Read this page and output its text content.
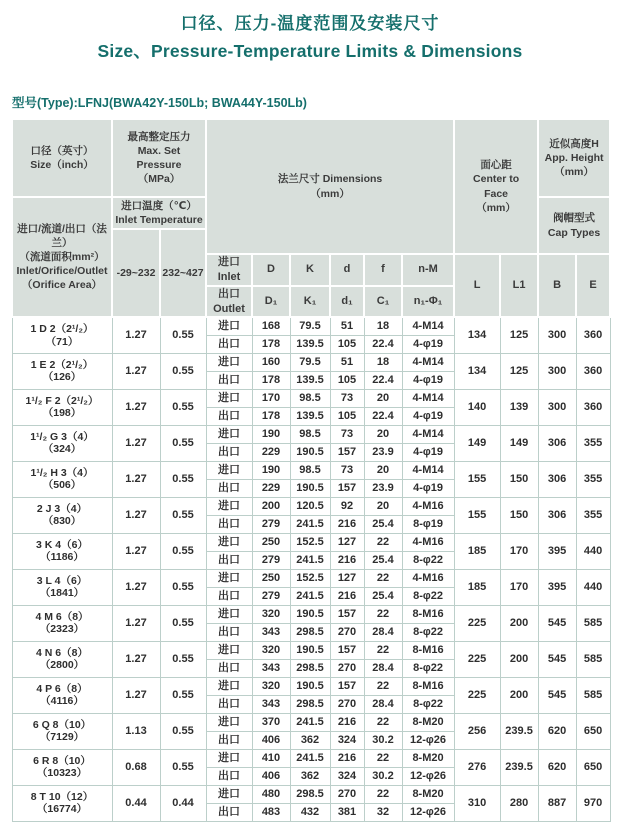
口径、压力-温度范围及安装尺寸
Size、Pressure-Temperature Limits & Dimensions
型号(Type):LFNJ(BWA42Y-150Lb; BWA44Y-150Lb)
口径（英寸）
Size（inch）

最高整定压力
Max. Set
Pressure
（MPa）	法兰尺寸 Dimensions
（mm）

面心距
Center to
Face
（mm）

近似高度H
App. Height
（mm）

进口/流道/出口（法兰）
（流道面积mm²）
Inlet/Orifice/Outlet
（Orifice Area）

进口温度（℃）
Inlet Temperature	阀帽型式
Cap Types

	-29~232	232~427										
			进口 Inlet	D	K	d	f	n-M	L	L1	B	E
			出口 Outlet	D₁	K₁	d₁	C₁	n₁-Φ₁				

1 D 2（2¹/₂）
（71）	1.27	0.55	进口	168	79.5	51	18	4-M14	134	125	300	360
			出口	178	139.5	105	22.4	4-φ19				

1 E 2（2¹/₂）
（126）	1.27	0.55	进口	160	79.5	51	18	4-M14	134	125	300	360
			出口	178	139.5	105	22.4	4-φ19				

1¹/₂ F 2（2¹/₂）
（198）	1.27	0.55	进口	170	98.5	73	20	4-M14	140	139	300	360
			出口	178	139.5	105	22.4	4-φ19				

1¹/₂ G 3（4）
（324）	1.27	0.55	进口	190	98.5	73	20	4-M14	149	149	306	355
			出口	229	190.5	157	23.9	4-φ19				

1¹/₂ H 3（4）
（506）	1.27	0.55	进口	190	98.5	73	20	4-M14	155	150	306	355
			出口	229	190.5	157	23.9	4-φ19				

2 J 3（4）
（830）	1.27	0.55	进口	200	120.5	92	20	4-M16	155	150	306	355
			出口	279	241.5	216	25.4	8-φ19				

3 K 4（6）
（1186）	1.27	0.55	进口	250	152.5	127	22	4-M16	185	170	395	440
			出口	279	241.5	216	25.4	8-φ22				

3 L 4（6）
（1841）	1.27	0.55	进口	250	152.5	127	22	4-M16	185	170	395	440
			出口	279	241.5	216	25.4	8-φ22				

4 M 6（8）
（2323）	1.27	0.55	进口	320	190.5	157	22	8-M16	225	200	545	585
			出口	343	298.5	270	28.4	8-φ22				

4 N 6（8）
（2800）	1.27	0.55	进口	320	190.5	157	22	8-M16	225	200	545	585
			出口	343	298.5	270	28.4	8-φ22				

4 P 6（8）
（4116）	1.27	0.55	进口	320	190.5	157	22	8-M16	225	200	545	585
			出口	343	298.5	270	28.4	8-φ22				

6 Q 8（10）
（7129）	1.13	0.55	进口	370	241.5	216	22	8-M20	256	239.5	620	650
			出口	406	362	324	30.2	12-φ26				

6 R 8（10）
（10323）	0.68	0.55	进口	410	241.5	216	22	8-M20	276	239.5	620	650
			出口	406	362	324	30.2	12-φ26				

8 T 10（12）
（16774）	0.44	0.44	进口	480	298.5	270	22	8-M20	310	280	887	970
			出口	483	432	381	32	12-φ26				
